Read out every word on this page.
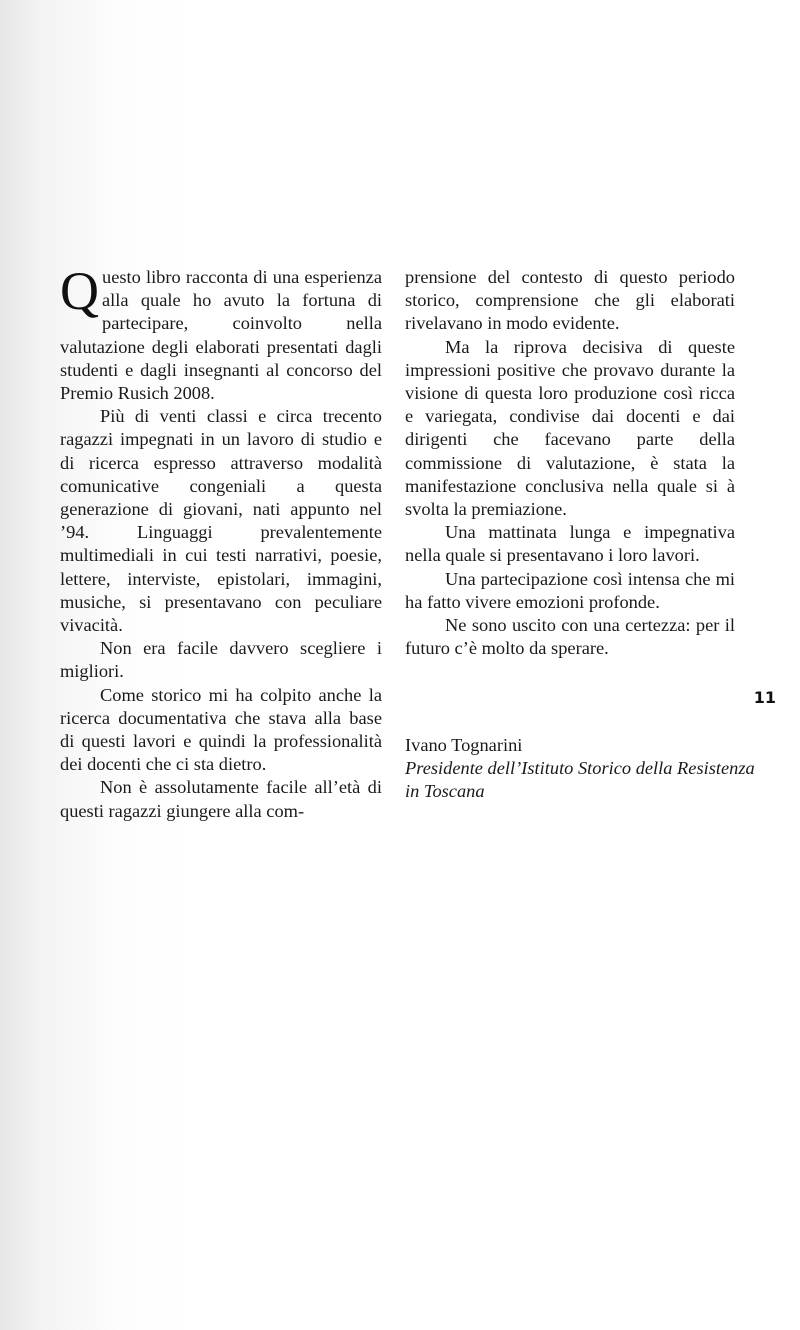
Questo libro racconta di una esperienza alla quale ho avuto la fortuna di partecipare, coinvolto nella valutazione degli elaborati presentati dagli studenti e dagli insegnanti al concorso del Premio Rusich 2008.

Più di venti classi e circa trecento ragazzi impegnati in un lavoro di studio e di ricerca espresso attraverso modalità comunicative congeniali a questa generazione di giovani, nati appunto nel ’94. Linguaggi prevalentemente multimediali in cui testi narrativi, poesie, lettere, interviste, epistolari, immagini, musiche, si presentavano con peculiare vivacità.

Non era facile davvero scegliere i migliori.

Come storico mi ha colpito anche la ricerca documentativa che stava alla base di questi lavori e quindi la professionalità dei docenti che ci sta dietro.

Non è assolutamente facile all’età di questi ragazzi giungere alla com-

prensione del contesto di questo periodo storico, comprensione che gli elaborati rivelavano in modo evidente.

Ma la riprova decisiva di queste impressioni positive che provavo durante la visione di questa loro produzione così ricca e variegata, condivise dai docenti e dai dirigenti che facevano parte della commissione di valutazione, è stata la manifestazione conclusiva nella quale si à svolta la premiazione.

Una mattinata lunga e impegnativa nella quale si presentavano i loro lavori.

Una partecipazione così intensa che mi ha fatto vivere emozioni profonde.

Ne sono uscito con una certezza: per il futuro c’è molto da sperare.

Ivano Tognarini
Presidente dell’Istituto Storico della Resistenza in Toscana
11
